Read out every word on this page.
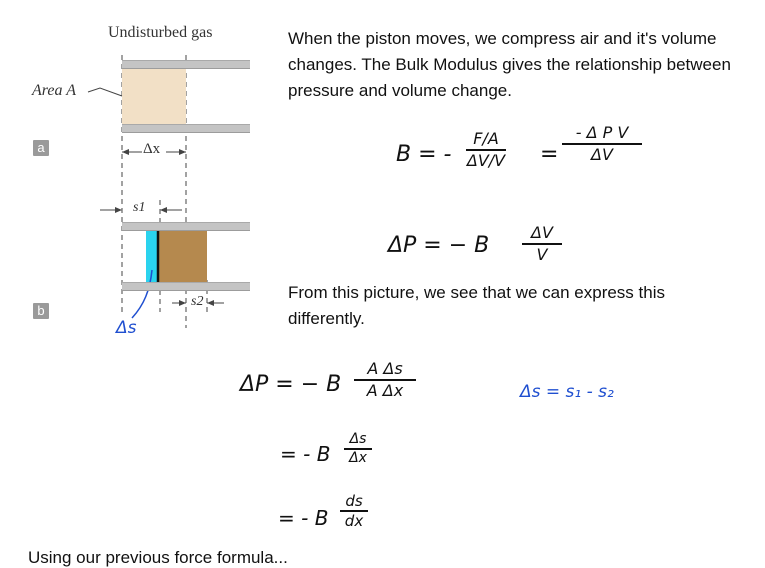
Undisturbed gas
Area A
Δx
s1
s2
a
b
Δs
When the piston moves, we compress air and it's volume changes. The Bulk Modulus gives the relationship between pressure and volume change.
From this picture, we see that we can express this differently.
B = -
F/A
ΔV/V =
- Δ P V
ΔV
ΔP = − B
ΔV
V
ΔP = − B
A Δs
A Δx	Δs = s₁ - s₂
= - B
Δs
Δx
= - B
ds
dx
Using our previous force formula...
